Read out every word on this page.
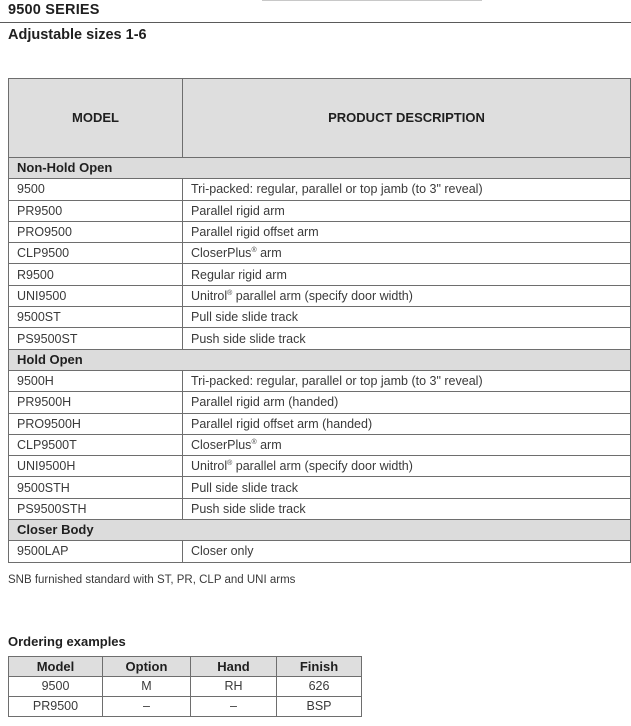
9500 SERIES
Adjustable sizes 1-6
MODEL	PRODUCT DESCRIPTION
Non-Hold Open	
9500	Tri-packed: regular, parallel or top jamb (to 3" reveal)
PR9500	Parallel rigid arm
PRO9500	Parallel rigid offset arm
CLP9500	CloserPlus® arm
R9500	Regular rigid arm
UNI9500	Unitrol® parallel arm (specify door width)
9500ST	Pull side slide track
PS9500ST	Push side slide track
Hold Open	
9500H	Tri-packed: regular, parallel or top jamb (to 3" reveal)
PR9500H	Parallel rigid arm (handed)
PRO9500H	Parallel rigid offset arm (handed)
CLP9500T	CloserPlus® arm
UNI9500H	Unitrol® parallel arm (specify door width)
9500STH	Pull side slide track
PS9500STH	Push side slide track
Closer Body	
9500LAP	Closer only
SNB furnished standard with ST, PR, CLP and UNI arms
Ordering examples
Model	Option	Hand	Finish
9500	M	RH	626
PR9500	–	–	BSP
